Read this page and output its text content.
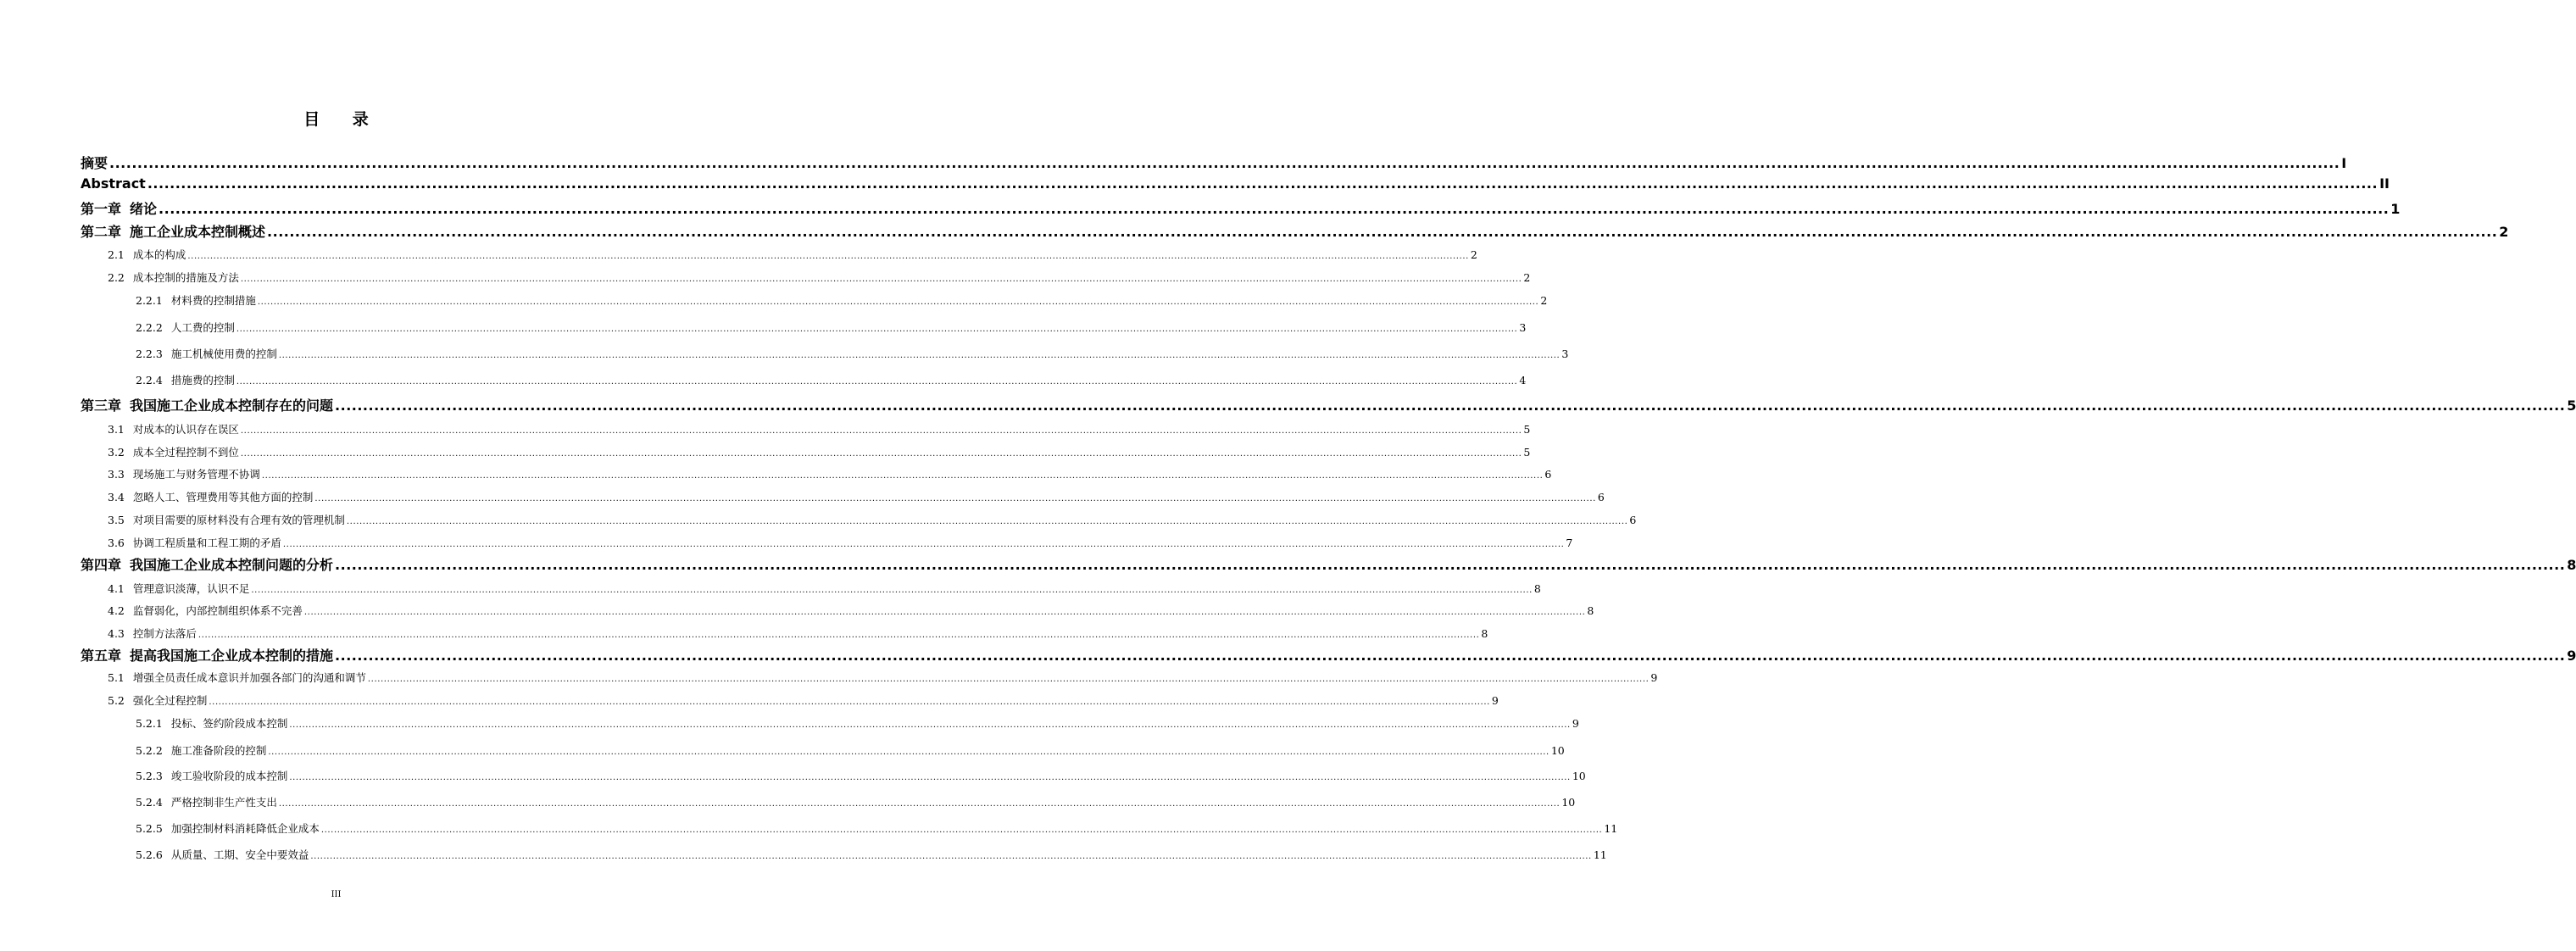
目 录
摘要 ................................................................................................................................................................................................................................................................................................................................................................................................................ I
Abstract ................................................................................................................................................................................................................................................................................................................................................................................................................ II
第一章 绪论 ................................................................................................................................................................................................................................................................................................................................................................................................................ 1
第二章 施工企业成本控制概述 ................................................................................................................................................................................................................................................................................................................................................................................................................ 2
2.1 成本的构成 ................................................................................................................................................................................................................................................................................................................................................................................................................ 2
2.2 成本控制的措施及方法 ................................................................................................................................................................................................................................................................................................................................................................................................................ 2
2.2.1 材料费的控制措施 ................................................................................................................................................................................................................................................................................................................................................................................................................ 2
2.2.2 人工费的控制 ................................................................................................................................................................................................................................................................................................................................................................................................................ 3
2.2.3 施工机械使用费的控制 ................................................................................................................................................................................................................................................................................................................................................................................................................ 3
2.2.4 措施费的控制 ................................................................................................................................................................................................................................................................................................................................................................................................................ 4
第三章 我国施工企业成本控制存在的问题 ................................................................................................................................................................................................................................................................................................................................................................................................................ 5
3.1 对成本的认识存在误区 ................................................................................................................................................................................................................................................................................................................................................................................................................ 5
3.2 成本全过程控制不到位 ................................................................................................................................................................................................................................................................................................................................................................................................................ 5
3.3 现场施工与财务管理不协调 ................................................................................................................................................................................................................................................................................................................................................................................................................ 6
3.4 忽略人工、管理费用等其他方面的控制 ................................................................................................................................................................................................................................................................................................................................................................................................................ 6
3.5 对项目需要的原材料没有合理有效的管理机制 ................................................................................................................................................................................................................................................................................................................................................................................................................ 6
3.6 协调工程质量和工程工期的矛盾 ................................................................................................................................................................................................................................................................................................................................................................................................................ 7
第四章 我国施工企业成本控制问题的分析 ................................................................................................................................................................................................................................................................................................................................................................................................................ 8
4.1 管理意识淡薄，认识不足 ................................................................................................................................................................................................................................................................................................................................................................................................................ 8
4.2 监督弱化，内部控制组织体系不完善 ................................................................................................................................................................................................................................................................................................................................................................................................................ 8
4.3 控制方法落后 ................................................................................................................................................................................................................................................................................................................................................................................................................ 8
第五章 提高我国施工企业成本控制的措施 ................................................................................................................................................................................................................................................................................................................................................................................................................ 9
5.1 增强全员责任成本意识并加强各部门的沟通和调节 ................................................................................................................................................................................................................................................................................................................................................................................................................ 9
5.2 强化全过程控制 ................................................................................................................................................................................................................................................................................................................................................................................................................ 9
5.2.1 投标、签约阶段成本控制 ................................................................................................................................................................................................................................................................................................................................................................................................................ 9
5.2.2 施工准备阶段的控制 ................................................................................................................................................................................................................................................................................................................................................................................................................ 10
5.2.3 竣工验收阶段的成本控制 ................................................................................................................................................................................................................................................................................................................................................................................................................ 10
5.2.4 严格控制非生产性支出 ................................................................................................................................................................................................................................................................................................................................................................................................................ 10
5.2.5 加强控制材料消耗降低企业成本 ................................................................................................................................................................................................................................................................................................................................................................................................................ 11
5.2.6 从质量、工期、安全中要效益 ................................................................................................................................................................................................................................................................................................................................................................................................................ 11
III
